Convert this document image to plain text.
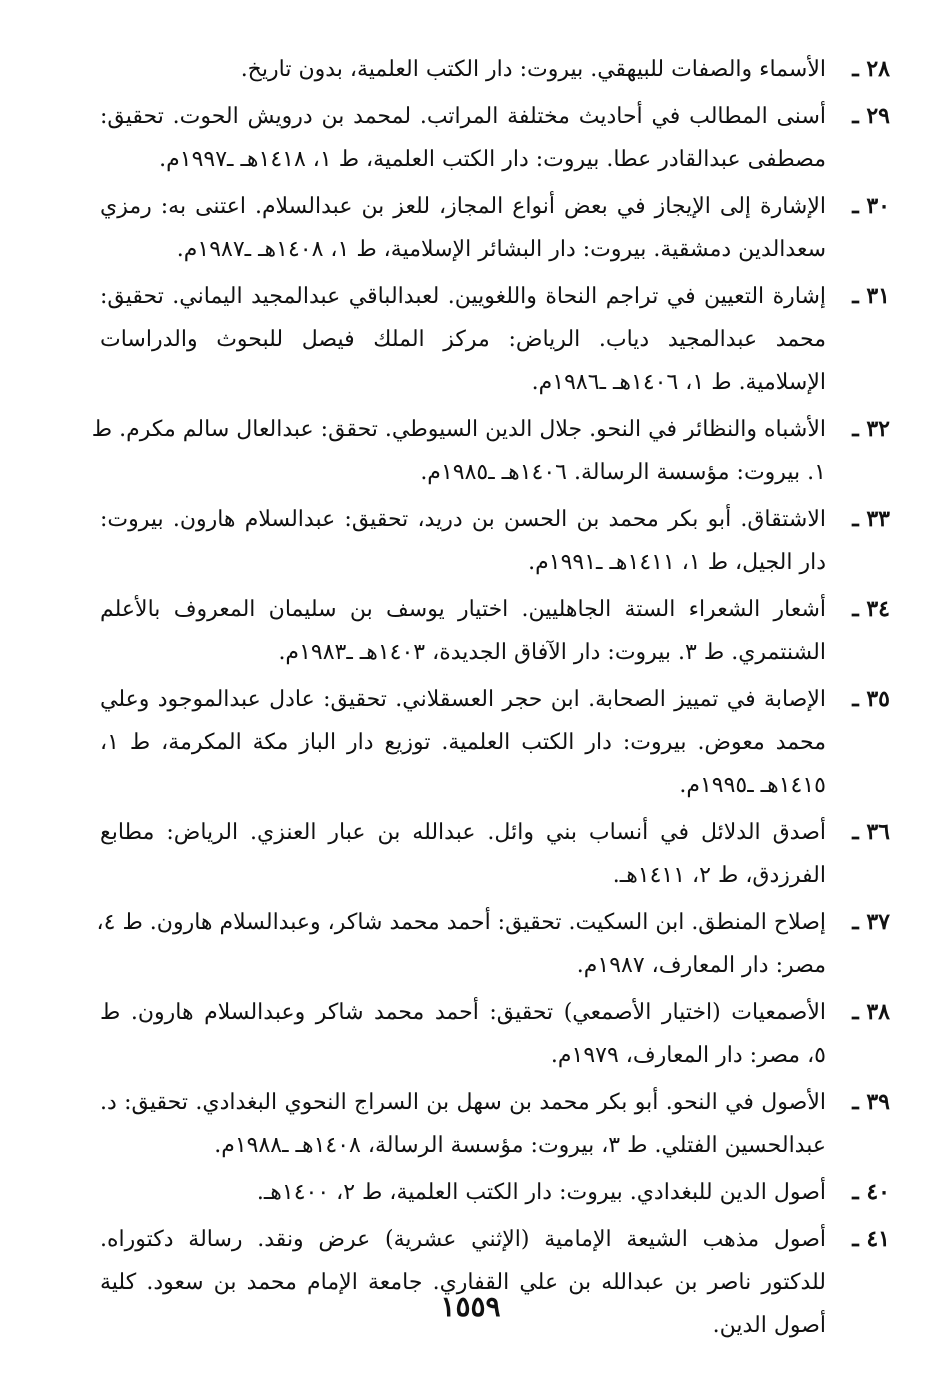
٢٨ ـ
الأسماء والصفات للبيهقي. بيروت: دار الكتب العلمية، بدون تاريخ.
٢٩ ـ
أسنى المطالب في أحاديث مختلفة المراتب. لمحمد بن درويش الحوت. تحقيق:
مصطفى عبدالقادر عطا. بيروت: دار الكتب العلمية، ط ١، ١٤١٨هـ ـ١٩٩٧م.
٣٠ ـ
الإشارة إلى الإيجاز في بعض أنواع المجاز، للعز بن عبدالسلام. اعتنى به: رمزي
سعدالدين دمشقية. بيروت: دار البشائر الإسلامية، ط ١، ١٤٠٨هـ ـ١٩٨٧م.
٣١ ـ
إشارة التعيين في تراجم النحاة واللغويين. لعبدالباقي عبدالمجيد اليماني. تحقيق:
محمد عبدالمجيد دياب. الرياض: مركز الملك فيصل للبحوث والدراسات
الإسلامية. ط ١، ١٤٠٦هـ ـ١٩٨٦م.
٣٢ ـ
الأشباه والنظائر في النحو. جلال الدين السيوطي. تحقق: عبدالعال سالم مكرم. ط
١. بيروت: مؤسسة الرسالة. ١٤٠٦هـ ـ١٩٨٥م.
٣٣ ـ
الاشتقاق. أبو بكر محمد بن الحسن بن دريد، تحقيق: عبدالسلام هارون. بيروت:
دار الجيل، ط ١، ١٤١١هـ ـ١٩٩١م.
٣٤ ـ
أشعار الشعراء الستة الجاهليين. اختيار يوسف بن سليمان المعروف بالأعلم
الشنتمري. ط ٣. بيروت: دار الآفاق الجديدة، ١٤٠٣هـ ـ١٩٨٣م.
٣٥ ـ
الإصابة في تمييز الصحابة. ابن حجر العسقلاني. تحقيق: عادل عبدالموجود وعلي
محمد معوض. بيروت: دار الكتب العلمية. توزيع دار الباز مكة المكرمة، ط ١،
١٤١٥هـ ـ١٩٩٥م.
٣٦ ـ
أصدق الدلائل في أنساب بني وائل. عبدالله بن عبار العنزي. الرياض: مطابع
الفرزدق، ط ٢، ١٤١١هـ.
٣٧ ـ
إصلاح المنطق. ابن السكيت. تحقيق: أحمد محمد شاكر، وعبدالسلام هارون. ط ٤،
مصر: دار المعارف، ١٩٨٧م.
٣٨ ـ
الأصمعيات (اختيار الأصمعي) تحقيق: أحمد محمد شاكر وعبدالسلام هارون. ط
٥، مصر: دار المعارف، ١٩٧٩م.
٣٩ ـ
الأصول في النحو. أبو بكر محمد بن سهل بن السراج النحوي البغدادي. تحقيق: د.
عبدالحسين الفتلي. ط ٣، بيروت: مؤسسة الرسالة، ١٤٠٨هـ ـ١٩٨٨م.
٤٠ ـ
أصول الدين للبغدادي. بيروت: دار الكتب العلمية، ط ٢، ١٤٠٠هـ.
٤١ ـ
أصول مذهب الشيعة الإمامية (الإثني عشرية) عرض ونقد. رسالة دكتوراه.
للدكتور ناصر بن عبدالله بن علي القفاري. جامعة الإمام محمد بن سعود. كلية
أصول الدين.
١٥٥٩
